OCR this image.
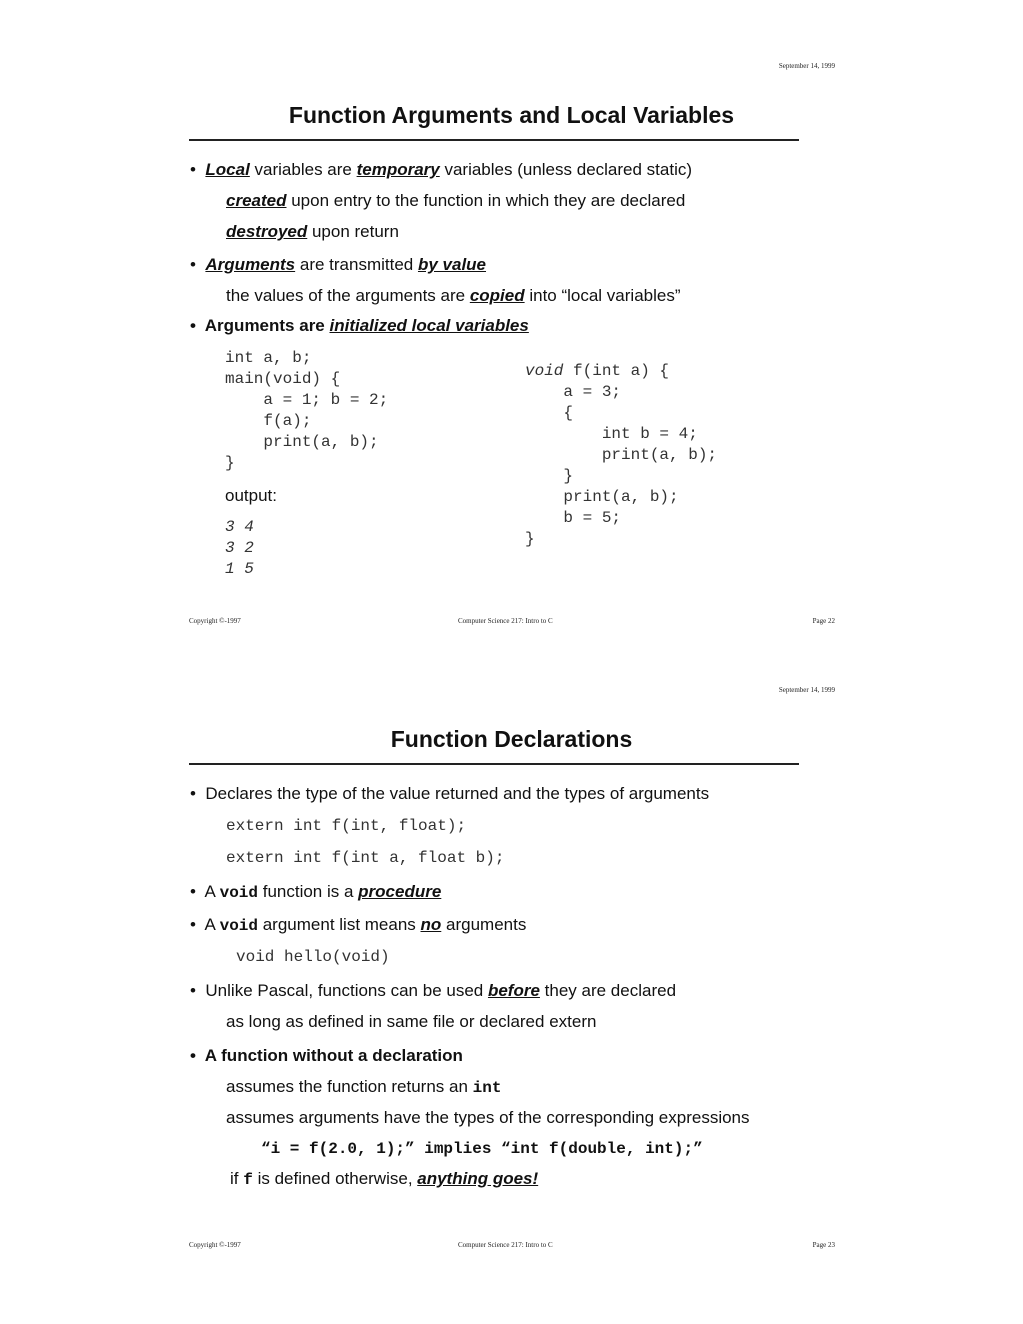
September 14, 1999
Function Arguments and Local Variables
• Local variables are temporary variables (unless declared static)
created upon entry to the function in which they are declared
destroyed upon return
• Arguments are transmitted by value
the values of the arguments are copied into “local variables”
• Arguments are initialized local variables
int a, b;
main(void) {
a = 1; b = 2;
f(a);
print(a, b);
}
output:
3 4
3 2
1 5
void f(int a) {
a = 3;
{
int b = 4;
print(a, b);
}
print(a, b);
b = 5;
}
Copyright ©-1997	Computer Science 217: Intro to C	Page 22
September 14, 1999
Function Declarations
• Declares the type of the value returned and the types of arguments
extern int f(int, float);
extern int f(int a, float b);
• A void function is a procedure
• A void argument list means no arguments
void hello(void)
• Unlike Pascal, functions can be used before they are declared
as long as defined in same file or declared extern
• A function without a declaration
assumes the function returns an int
assumes arguments have the types of the corresponding expressions
“i = f(2.0, 1);” implies “int f(double, int);”
if f is defined otherwise, anything goes!
Copyright ©-1997	Computer Science 217: Intro to C	Page 23
